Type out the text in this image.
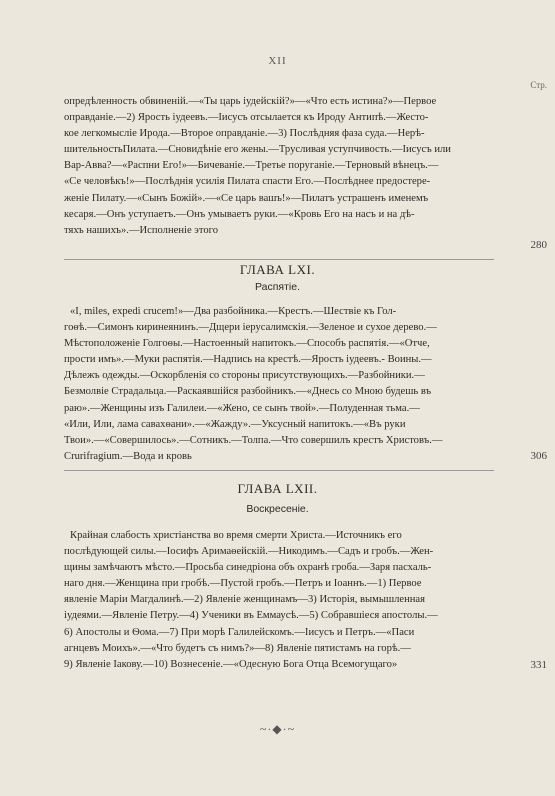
XII
Стр.
опредѣленность обвиненій.—«Ты царь іудейскій?»—«Что есть истина?»—Первое
оправданіе.—2) Ярость іудеевъ.—Іисусъ отсылается къ Ироду Антипѣ.—Жесто-
кое легкомысліе Ирода.—Второе оправданіе.—3) Послѣдняя фаза суда.—Нерѣ-
шительностьПилата.—Сновидѣніе его жены.—Трусливая уступчивость.—Іисусъ или
Вар-Авва?—«Распни Его!»—Бичеваніе.—Третье поруганіе.—Терновый вѣнецъ.—
«Се человѣкъ!»—Послѣднія усилія Пилата спасти Его.—Послѣднее предостере-
женіе Пилату.—«Сынъ Божій».—«Се царь вашъ!»—Пилатъ устрашенъ именемъ
кесаря.—Онъ уступаетъ.—Онъ умываетъ руки.—«Кровь Его на насъ и на дѣ-
тяхъ нашихъ».—Исполненіе этого
280
ГЛАВА LXI.
Распятіе.
«I, miles, expedi crucem!»—Два разбойника.—Крестъ.—Шествіе къ Гол-
гоѳѣ.—Симонъ киринеянинъ.—Дщери іерусалимскія.—Зеленое и сухое дерево.—
Мѣстоположеніе Голгоѳы.—Настоенный напитокъ.—Способъ распятія.—«Отче,
прости имъ».—Муки распятія.—Надпись на крестѣ.—Ярость іудеевъ.- Воины.—
Дѣлежъ одежды.—Оскорбленія со стороны присутствующихъ.—Разбойники.—
Безмолвіе Страдальца.—Раскаявшійся разбойникъ.—«Днесь со Мною будешь въ
раю».—Женщины изъ Галилеи.—«Жено, се сынъ твой».—Полуденная тьма.—
«Или, Или, лама савахѳани».—«Жажду».—Уксусный напитокъ.—«Въ руки
Твои».—«Совершилось».—Сотникъ.—Толпа.—Что совершилъ крестъ Христовъ.—
Crurifragium.—Вода и кровь	306
ГЛАВА LXII.
Воскресеніе.
Крайная слабость христіанства во время смерти Христа.—Источникъ его
послѣдующей силы.—Іосифъ Аримаѳейскій.—Никодимъ.—Садъ и гробъ.—Жен-
щины замѣчаютъ мѣсто.—Просьба синедріона объ охранѣ гроба.—Заря пасхаль-
наго дня.—Женщина при гробѣ.—Пустой гробъ.—Петръ и Іоаннъ.—1) Первое
явленіе Маріи Магдалинѣ.—2) Явленіе женщинамъ—3) Исторія, вымышленная
іудеями.—Явленіе Петру.—4) Ученики въ Еммаусѣ.—5) Собравшіеся апостолы.—
6) Апостолы и Ѳома.—7) При морѣ Галилейскомъ.—Іисусъ и Петръ.—«Паси
агнцевъ Моихъ».—«Что будетъ съ нимъ?»—8) Явленіе пятистамъ на горѣ.—
9) Явленіе Іакову.—10) Вознесеніе.—«Одесную Бога Отца Всемогущаго»	331
~·◆·~
